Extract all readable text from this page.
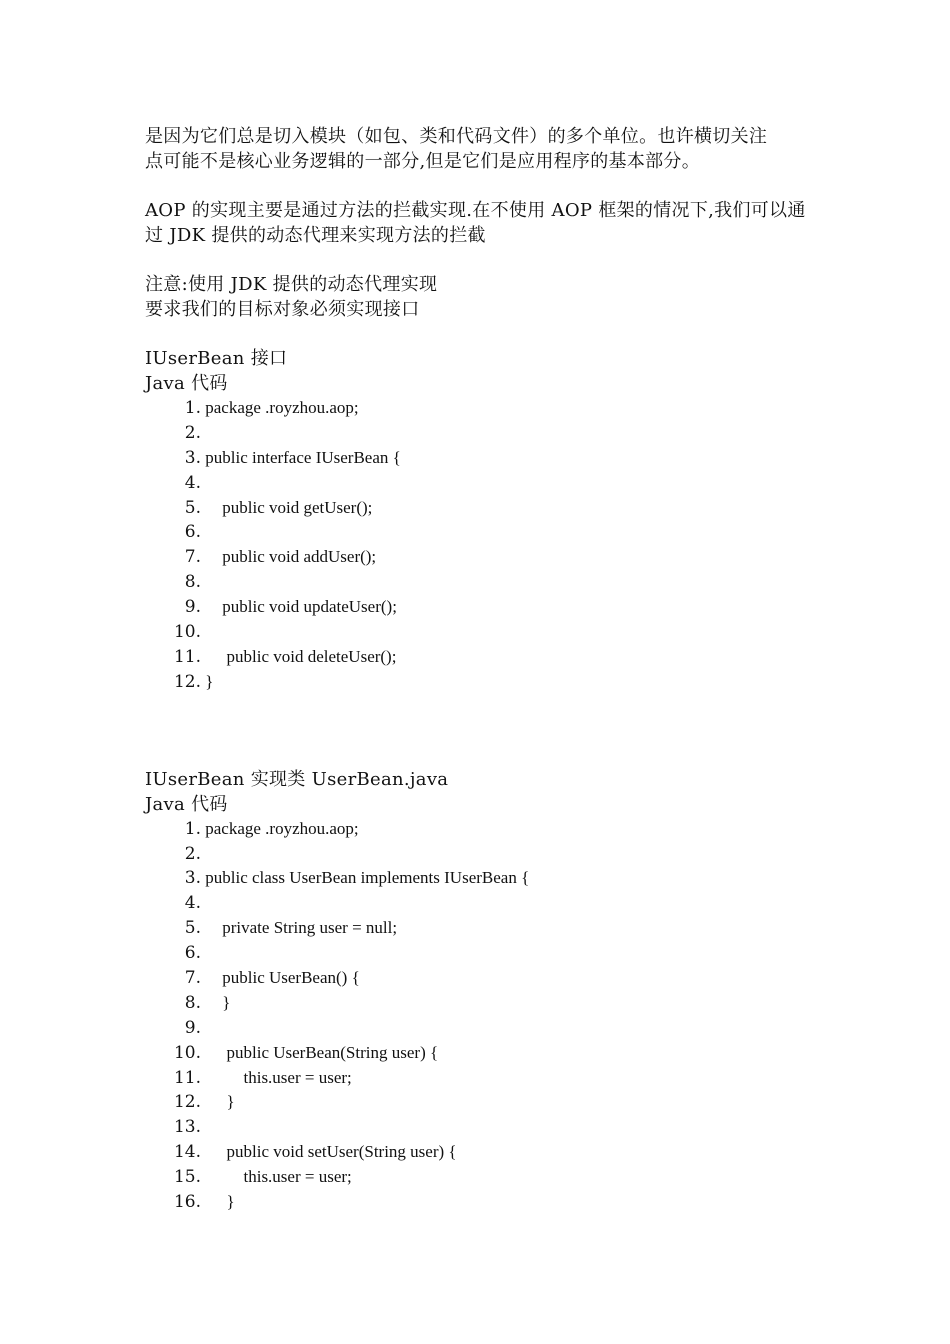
是因为它们总是切入模块（如包、类和代码文件）的多个单位。也许横切关注

点可能不是核心业务逻辑的一部分,但是它们是应用程序的基本部分。

AOP 的实现主要是通过方法的拦截实现.在不使用 AOP 框架的情况下,我们可以通

过 JDK 提供的动态代理来实现方法的拦截

注意:使用 JDK 提供的动态代理实现

要求我们的目标对象必须实现接口

IUserBean 接口

Java 代码

1. package .royzhou.aop;
2.
3. public interface IUserBean {
4.
5. public void getUser();
6.
7. public void addUser();
8.
9. public void updateUser();
10.
11. public void deleteUser();
12. }

IUserBean 实现类 UserBean.java

Java 代码

1. package .royzhou.aop;
2.
3. public class UserBean implements IUserBean {
4.
5. private String user = null;
6.
7. public UserBean() {
8. }
9.
10. public UserBean(String user) {
11. this.user = user;
12. }
13.
14. public void setUser(String user) {
15. this.user = user;
16. }
